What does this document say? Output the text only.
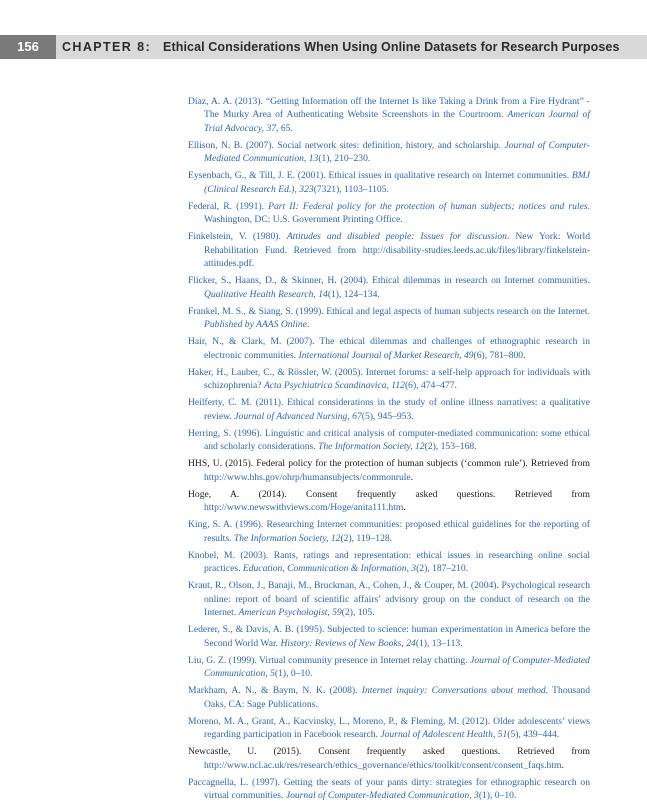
156	CHAPTER 8: Ethical Considerations When Using Online Datasets for Research Purposes
Diaz, A. A. (2013). “Getting Information off the Internet Is like Taking a Drink from a Fire Hydrant” - The Murky Area of Authenticating Website Screenshots in the Courtroom. American Journal of Trial Advocacy, 37, 65.
Ellison, N. B. (2007). Social network sites: definition, history, and scholarship. Journal of Computer-Mediated Communication, 13(1), 210–230.
Eysenbach, G., & Till, J. E. (2001). Ethical issues in qualitative research on Internet communities. BMJ (Clinical Research Ed.), 323(7321), 1103–1105.
Federal, R. (1991). Part II: Federal policy for the protection of human subjects; notices and rules. Washington, DC: U.S. Government Printing Office.
Finkelstein, V. (1980). Attitudes and disabled people: Issues for discussion. New York: World Rehabilitation Fund. Retrieved from http://disability-studies.leeds.ac.uk/files/library/finkelstein-attitudes.pdf.
Flicker, S., Haans, D., & Skinner, H. (2004). Ethical dilemmas in research on Internet communities. Qualitative Health Research, 14(1), 124–134.
Frankel, M. S., & Siang, S. (1999). Ethical and legal aspects of human subjects research on the Internet. Published by AAAS Online.
Hair, N., & Clark, M. (2007). The ethical dilemmas and challenges of ethnographic research in electronic communities. International Journal of Market Research, 49(6), 781–800.
Haker, H., Lauber, C., & Rössler, W. (2005). Internet forums: a self-help approach for individuals with schizophrenia? Acta Psychiatrica Scandinavica, 112(6), 474–477.
Heilferty, C. M. (2011). Ethical considerations in the study of online illness narratives: a qualitative review. Journal of Advanced Nursing, 67(5), 945–953.
Herring, S. (1996). Linguistic and critical analysis of computer-mediated communication: some ethical and scholarly considerations. The Information Society, 12(2), 153–168.
HHS, U. (2015). Federal policy for the protection of human subjects (‘common rule’). Retrieved from http://www.hhs.gov/ohrp/humansubjects/commonrule.
Hoge, A. (2014). Consent frequently asked questions. Retrieved from http://www.newswithviews.com/Hoge/anita111.htm.
King, S. A. (1996). Researching Internet communities: proposed ethical guidelines for the reporting of results. The Information Society, 12(2), 119–128.
Knobel, M. (2003). Rants, ratings and representation: ethical issues in researching online social practices. Education, Communication & Information, 3(2), 187–210.
Kraut, R., Olson, J., Banaji, M., Bruckman, A., Cohen, J., & Couper, M. (2004). Psychological research online: report of board of scientific affairs’ advisory group on the conduct of research on the Internet. American Psychologist, 59(2), 105.
Lederer, S., & Davis, A. B. (1995). Subjected to science: human experimentation in America before the Second World War. History: Reviews of New Books, 24(1), 13–113.
Liu, G. Z. (1999). Virtual community presence in Internet relay chatting. Journal of Computer-Mediated Communication, 5(1), 0–10.
Markham, A. N., & Baym, N. K. (2008). Internet inquiry: Conversations about method. Thousand Oaks, CA: Sage Publications.
Moreno, M. A., Grant, A., Kacvinsky, L., Moreno, P., & Fleming, M. (2012). Older adolescents’ views regarding participation in Facebook research. Journal of Adolescent Health, 51(5), 439–444.
Newcastle, U. (2015). Consent frequently asked questions. Retrieved from http://www.ncl.ac.uk/res/research/ethics_governance/ethics/toolkit/consent/consent_faqs.htm.
Paccagnella, L. (1997). Getting the seats of your pants dirty: strategies for ethnographic research on virtual communities. Journal of Computer-Mediated Communication, 3(1), 0–10.
